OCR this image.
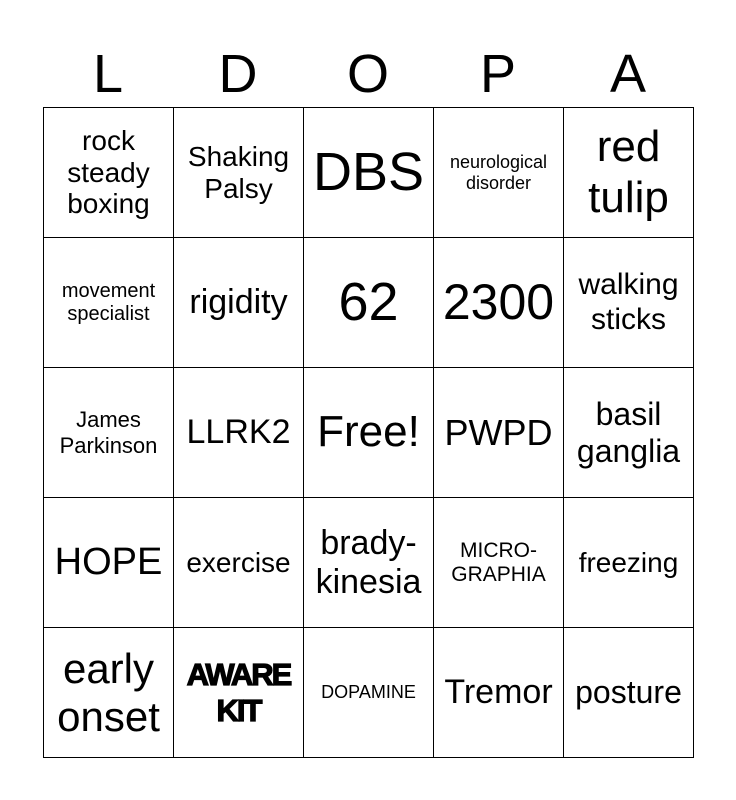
L	D	O	P	A
rock steady boxing	Shaking Palsy	DBS	neurological disorder	red tulip

movement specialist	rigidity	62	2300	walking sticks

James Parkinson	LLRK2	Free!	PWPD	basil ganglia

HOPE	exercise	brady-kinesia	MICRO-GRAPHIA	freezing

early onset	AWARE KIT	DOPAMINE	Tremor	posture
